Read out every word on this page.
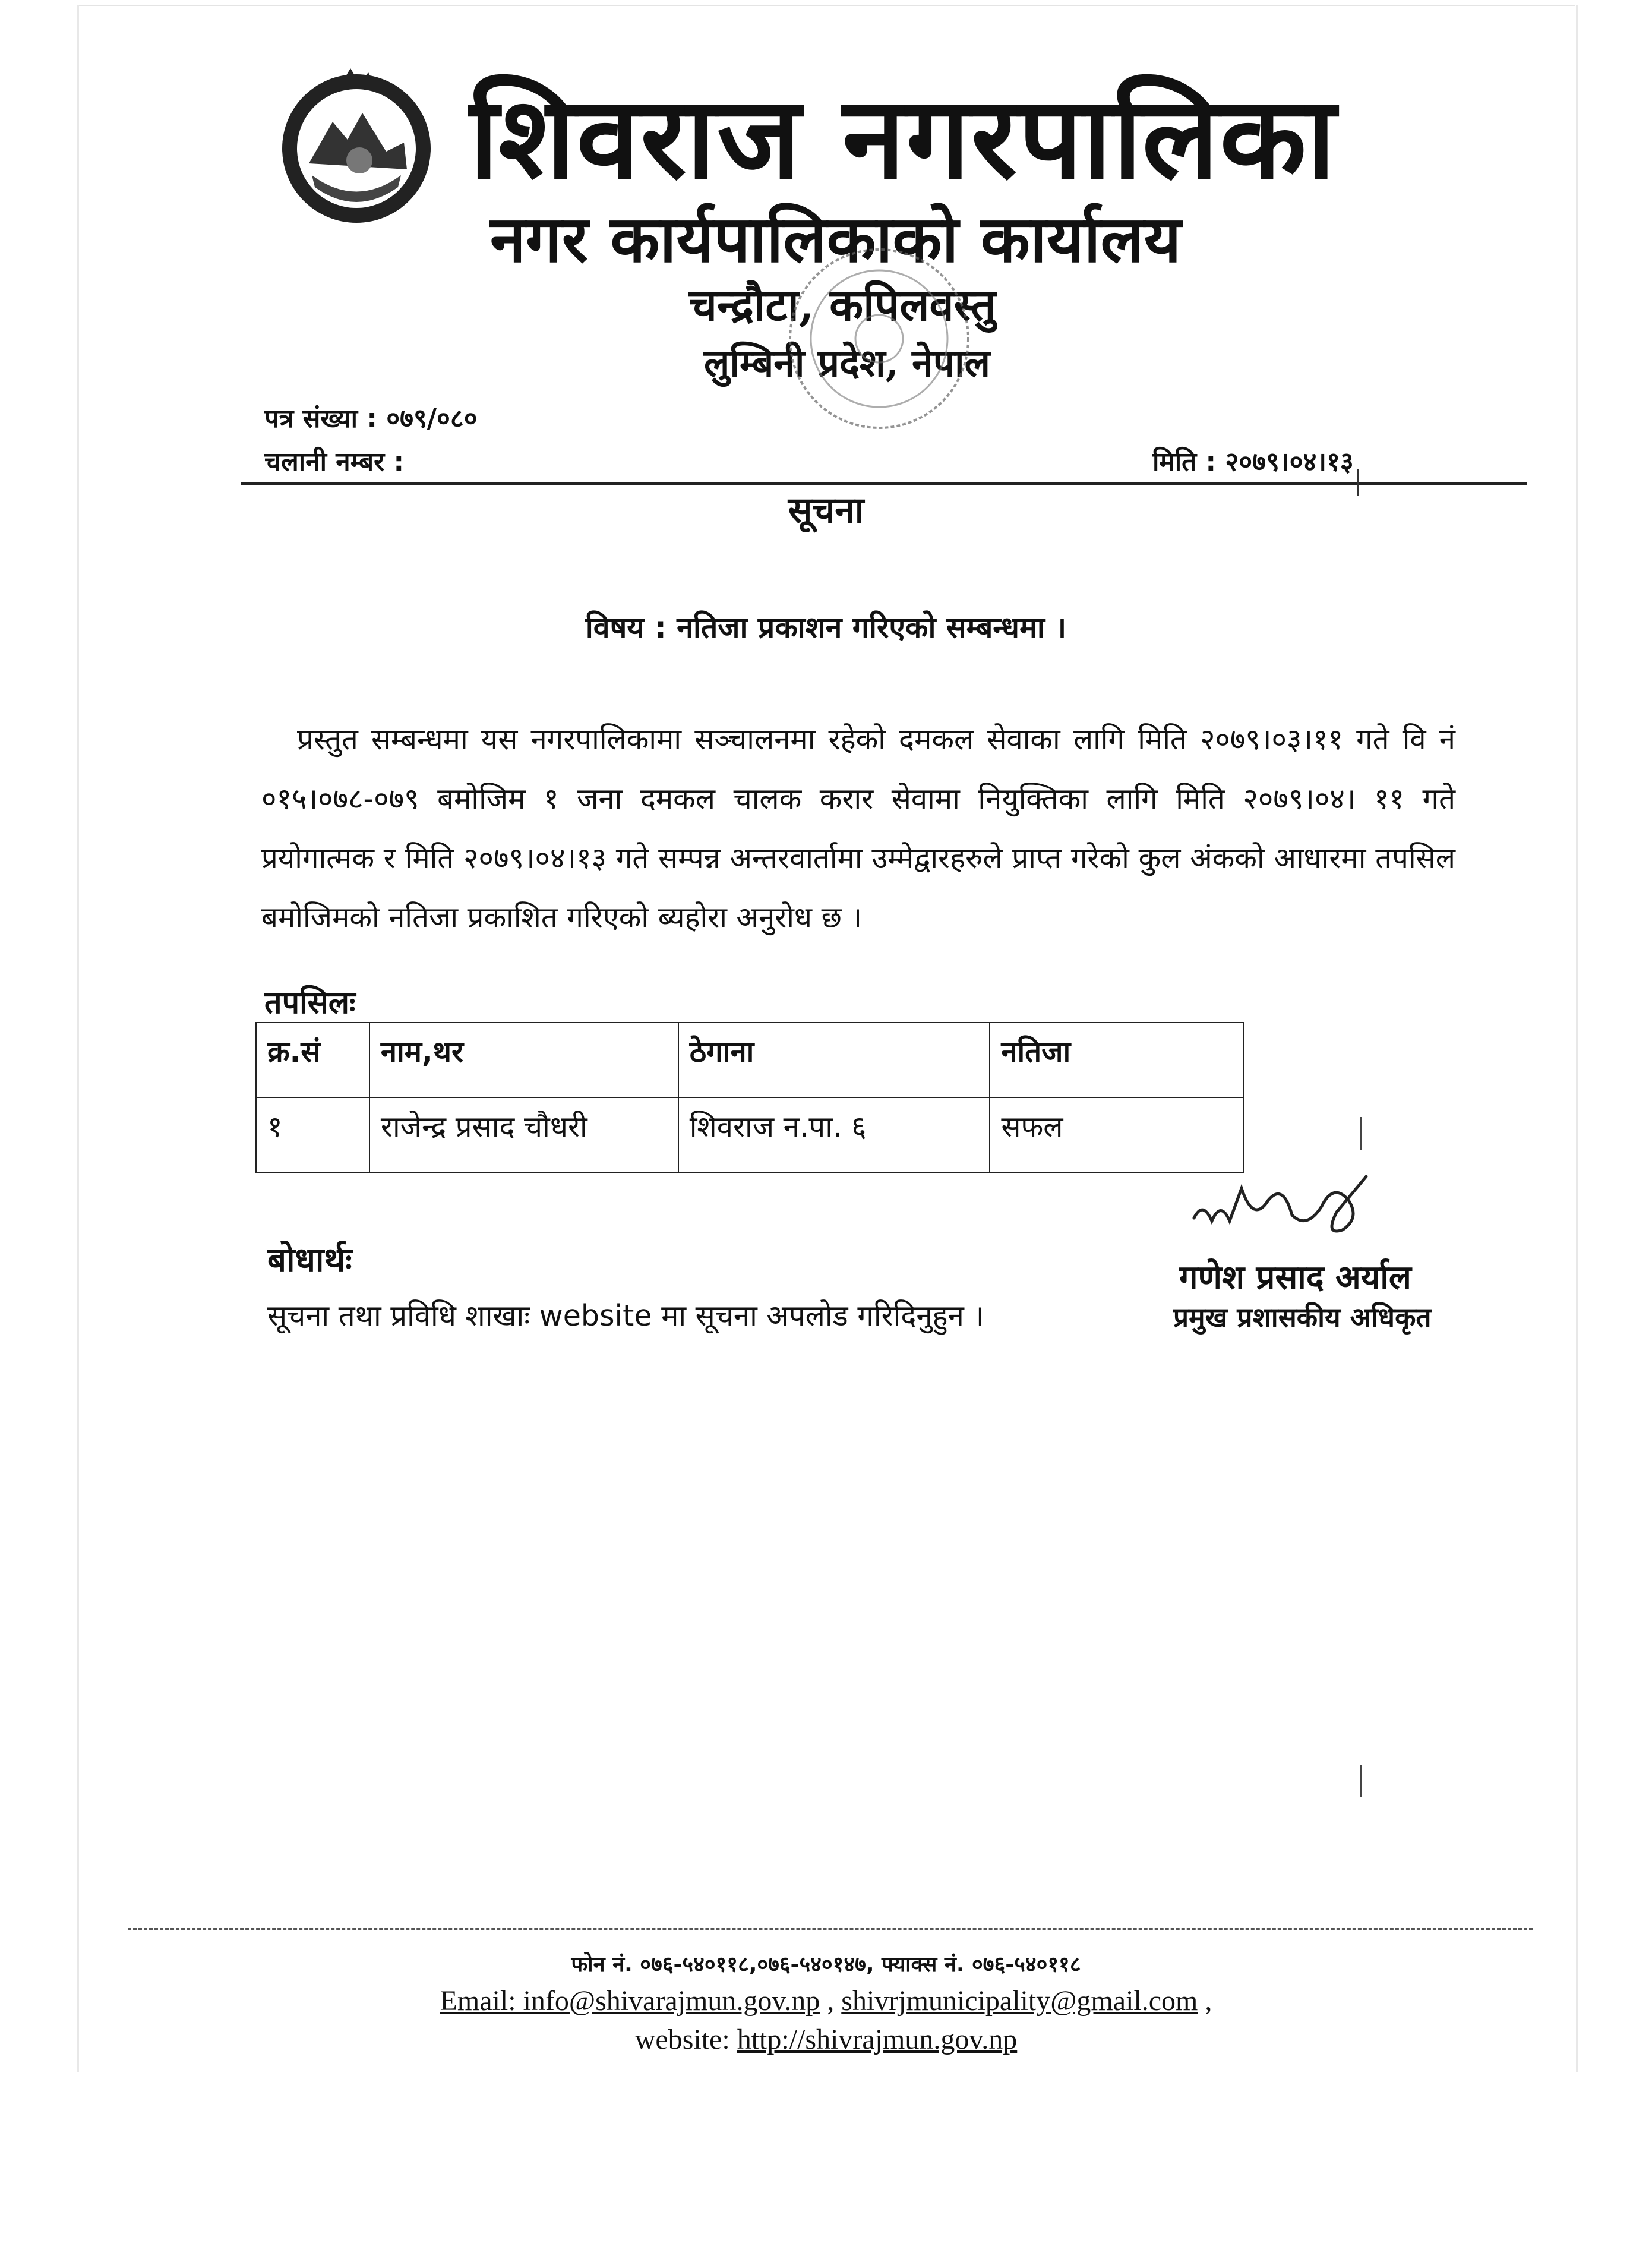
शिवराज नगरपालिका
नगर कार्यपालिकाको कार्यालय
चन्द्रौटा, कपिलवस्तु
लुम्बिनी प्रदेश, नेपाल
पत्र संख्या : ०७९/०८०
चलानी नम्बर :	मिति : २०७९।०४।१३
सूचना
विषय : नतिजा प्रकाशन गरिएको सम्बन्धमा ।
प्रस्तुत सम्बन्धमा यस नगरपालिकामा सञ्चालनमा रहेको दमकल सेवाका लागि मिति २०७९।०३।११ गते वि नं ०१५।०७८-०७९ बमोजिम १ जना दमकल चालक करार सेवामा नियुक्तिका लागि मिति २०७९।०४। ११ गते प्रयोगात्मक र मिति २०७९।०४।१३ गते सम्पन्न अन्तरवार्तामा उम्मेद्वारहरुले प्राप्त गरेको कुल अंकको आधारमा तपसिल बमोजिमको नतिजा प्रकाशित गरिएको ब्यहोरा अनुरोध छ ।
तपसिलः
क्र.सं	नाम,थर	ठेगाना	नतिजा
१	राजेन्द्र प्रसाद चौधरी	शिवराज न.पा. ६	सफल
गणेश प्रसाद अर्याल
प्रमुख प्रशासकीय अधिकृत
बोधार्थः
सूचना तथा प्रविधि शाखाः website मा सूचना अपलोड गरिदिनुहुन ।
फोन नं. ०७६-५४०११८,०७६-५४०१४७, फ्याक्स नं. ०७६-५४०११८
Email: info@shivarajmun.gov.np , shivrjmunicipality@gmail.com ,
website: http://shivrajmun.gov.np
